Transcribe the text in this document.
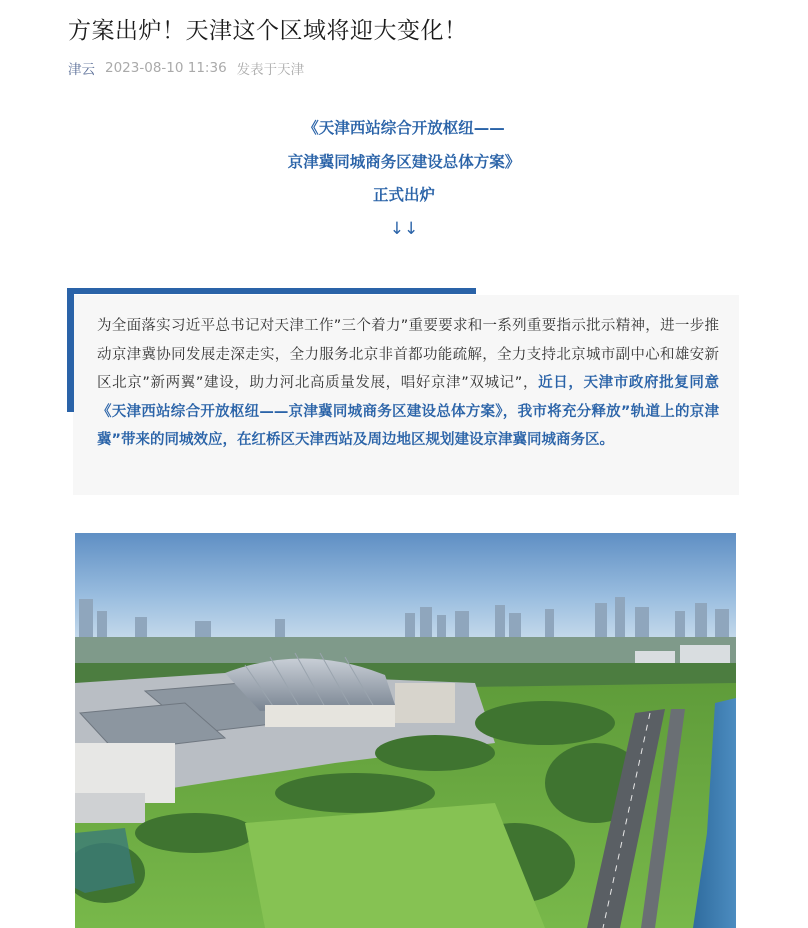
方案出炉！天津这个区域将迎大变化！
津云 2023-08-10 11:36 发表于天津
《天津西站综合开放枢纽——
京津冀同城商务区建设总体方案》
正式出炉
↓↓
为全面落实习近平总书记对天津工作”三个着力”重要要求和一系列重要指示批示精神，进一步推动京津冀协同发展走深走实，全力服务北京非首都功能疏解，全力支持北京城市副中心和雄安新区北京”新两翼”建设，助力河北高质量发展，唱好京津”双城记”，近日，天津市政府批复同意《天津西站综合开放枢纽——京津冀同城商务区建设总体方案》，我市将充分释放”轨道上的京津冀”带来的同城效应，在红桥区天津西站及周边地区规划建设京津冀同城商务区。
